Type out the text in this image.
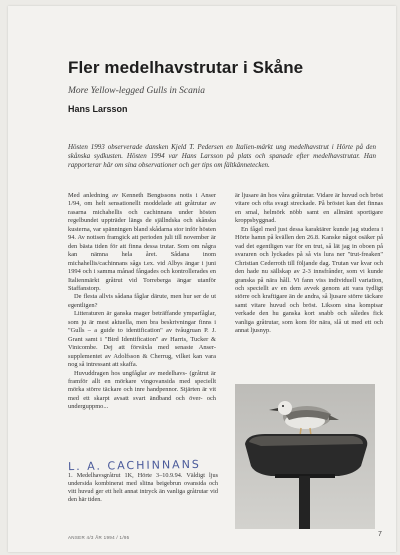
Fler medelhavstrutar i Skåne
More Yellow-legged Gulls in Scania
Hans Larsson
Hösten 1993 observerade dansken Kjeld T. Pedersen en Italien-märkt ung medelhavstrut i Hörte på den skånska sydkusten. Hösten 1994 var Hans Larsson på plats och spanade efter medelhavstrutar. Han rapporterar här om sina observationer och ger tips om fältkännetecken.

Med anledning av Kenneth Bengtssons notis i Anser 1/94, om helt sensationellt moddelade att gråtrutar av rasarna michahellis och cachinnans under hösten regelbundet uppträder längs de själlndska och skånska kusterna, var spänningen bland skådarna stor inför hösten 94. Av notisen framgick att perioden juli till november är den bästa tiden för att finna dessa trutar. Som om några kan nämna hela året. Sådana inom michahellis/cachinnans sågs t.ex. vid Albys ängar i juni 1994 och i samma månad fångades och kontrollerades en Italienmärkt gråtrut vid Torreberga ängar utanför Staffanstorp.

De flesta allvis sådana fåglar därute, men hur ser de ut egentligen?

Litteraturen är ganska mager beträffande ymparfåglar, som ju är mest aktuella, men bra beskrivningar finns i "Gulls – a guide to identification" av tvåugruan P. J. Grant samt i "Bird Identification" av Harris, Tucker & Vinicombe. Dej att förväxla med senaste Anser-supplementet av Adolfsson & Cherrug, vilket kan vara nog så intressant att skaffa.

Huvuddragen hos ungfåglar av medelhavs- (gråtrut är framför allt en mörkare vingovansida med speciellt mörka större täckare och inre handpennor. Stjärten är vit med ett skarpt avsatt svart ändband och över- och underguppmo...

är ljusare än hos våra gråtrutar. Vidare är huvud och bröst vitare och ofta svagt streckade. På bröstet kan det finnas en smal, helmörk nöbb samt en allmänt sportigare kroppsbyggnad.

En fågel med just dessa karaktärer kunde jag studera i Hörte hamn på kvällen den 26.8. Kanske något osäker på vad det egentligen var för en trut, så lät jag in oboen på svararen och lyckades på så vis lura ner "trut-freaken" Christian Cederroth till följande dag. Trutan var kvar och den hade nu sällskap av 2-3 innsfrånder, som vi kunde granska på nära håll. Vi fann viss individuell variation, och speciellt av en dem avvek genom att vara tydligt större och kraftigare än de andra, så ljusare större täckare samt vitare huvud och bröst. Liksom sina kompisar verkade den hu ganska kort snabb och således fick vanliga gråtrutar, som kom för nära, slå ut med ett och annat ljusnyp.

L. A. CACHINNANS
1. Medelhavsgråtrut 1K, Hörte 3–10.9.94. Väldigt ljus undersida kombinerat med slitna beigebrun ovansida och vitt huvud ger ett helt annat intryck än vanliga gråtrutar vid den här tiden.
ANSER 4/3 ÅR 1994 / 1/95	7
